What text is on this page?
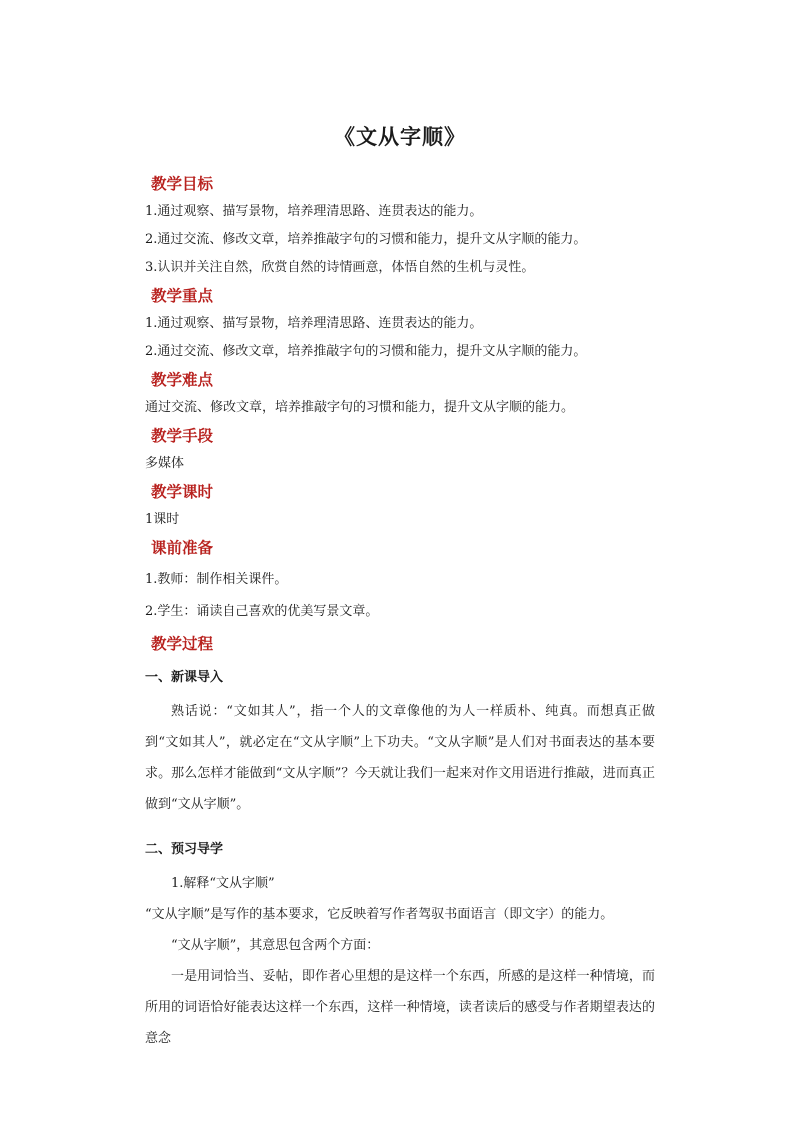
《文从字顺》
教学目标

1.通过观察、描写景物，培养理清思路、连贯表达的能力。

2.通过交流、修改文章，培养推敲字句的习惯和能力，提升文从字顺的能力。

3.认识并关注自然，欣赏自然的诗情画意，体悟自然的生机与灵性。

教学重点

1.通过观察、描写景物，培养理清思路、连贯表达的能力。

2.通过交流、修改文章，培养推敲字句的习惯和能力，提升文从字顺的能力。

教学难点

通过交流、修改文章，培养推敲字句的习惯和能力，提升文从字顺的能力。

教学手段

多媒体

教学课时

1课时

课前准备

1.教师：制作相关课件。

2.学生：诵读自己喜欢的优美写景文章。

教学过程
一、新课导入

熟话说：“文如其人”，指一个人的文章像他的为人一样质朴、纯真。而想真正做到“文如其人”，就必定在“文从字顺”上下功夫。“文从字顺”是人们对书面表达的基本要求。那么怎样才能做到“文从字顺”？今天就让我们一起来对作文用语进行推敲，进而真正做到“文从字顺”。

二、预习导学

1.解释“文从字顺”

“文从字顺”是写作的基本要求，它反映着写作者驾驭书面语言（即文字）的能力。

“文从字顺”，其意思包含两个方面：

一是用词恰当、妥帖，即作者心里想的是这样一个东西，所感的是这样一种情境，而所用的词语恰好能表达这样一个东西，这样一种情境，读者读后的感受与作者期望表达的意念
